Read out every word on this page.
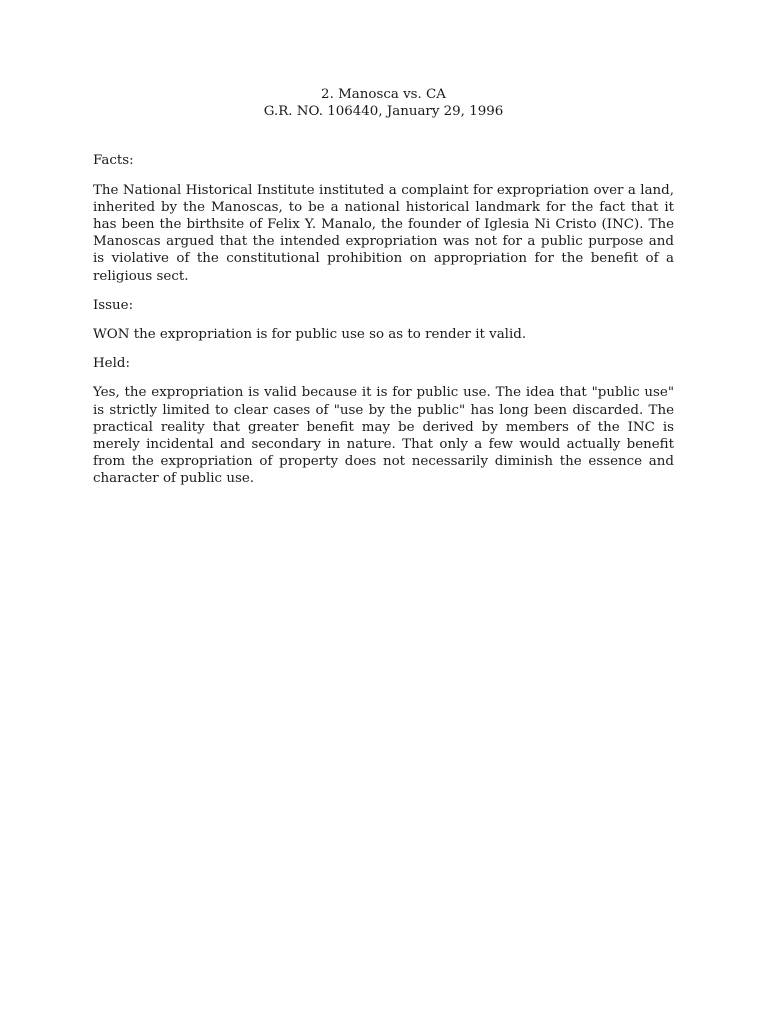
2. Manosca vs. CA
G.R. NO. 106440, January 29, 1996

Facts:

The National Historical Institute instituted a complaint for expropriation over a land, inherited by the Manoscas, to be a national historical landmark for the fact that it has been the birthsite of Felix Y. Manalo, the founder of Iglesia Ni Cristo (INC). The Manoscas argued that the intended expropriation was not for a public purpose and is violative of the constitutional prohibition on appropriation for the benefit of a religious sect.

Issue:

WON the expropriation is for public use so as to render it valid.

Held:

Yes, the expropriation is valid because it is for public use. The idea that "public use" is strictly limited to clear cases of "use by the public" has long been discarded. The practical reality that greater benefit may be derived by members of the INC is merely incidental and secondary in nature. That only a few would actually benefit from the expropriation of property does not necessarily diminish the essence and character of public use.
